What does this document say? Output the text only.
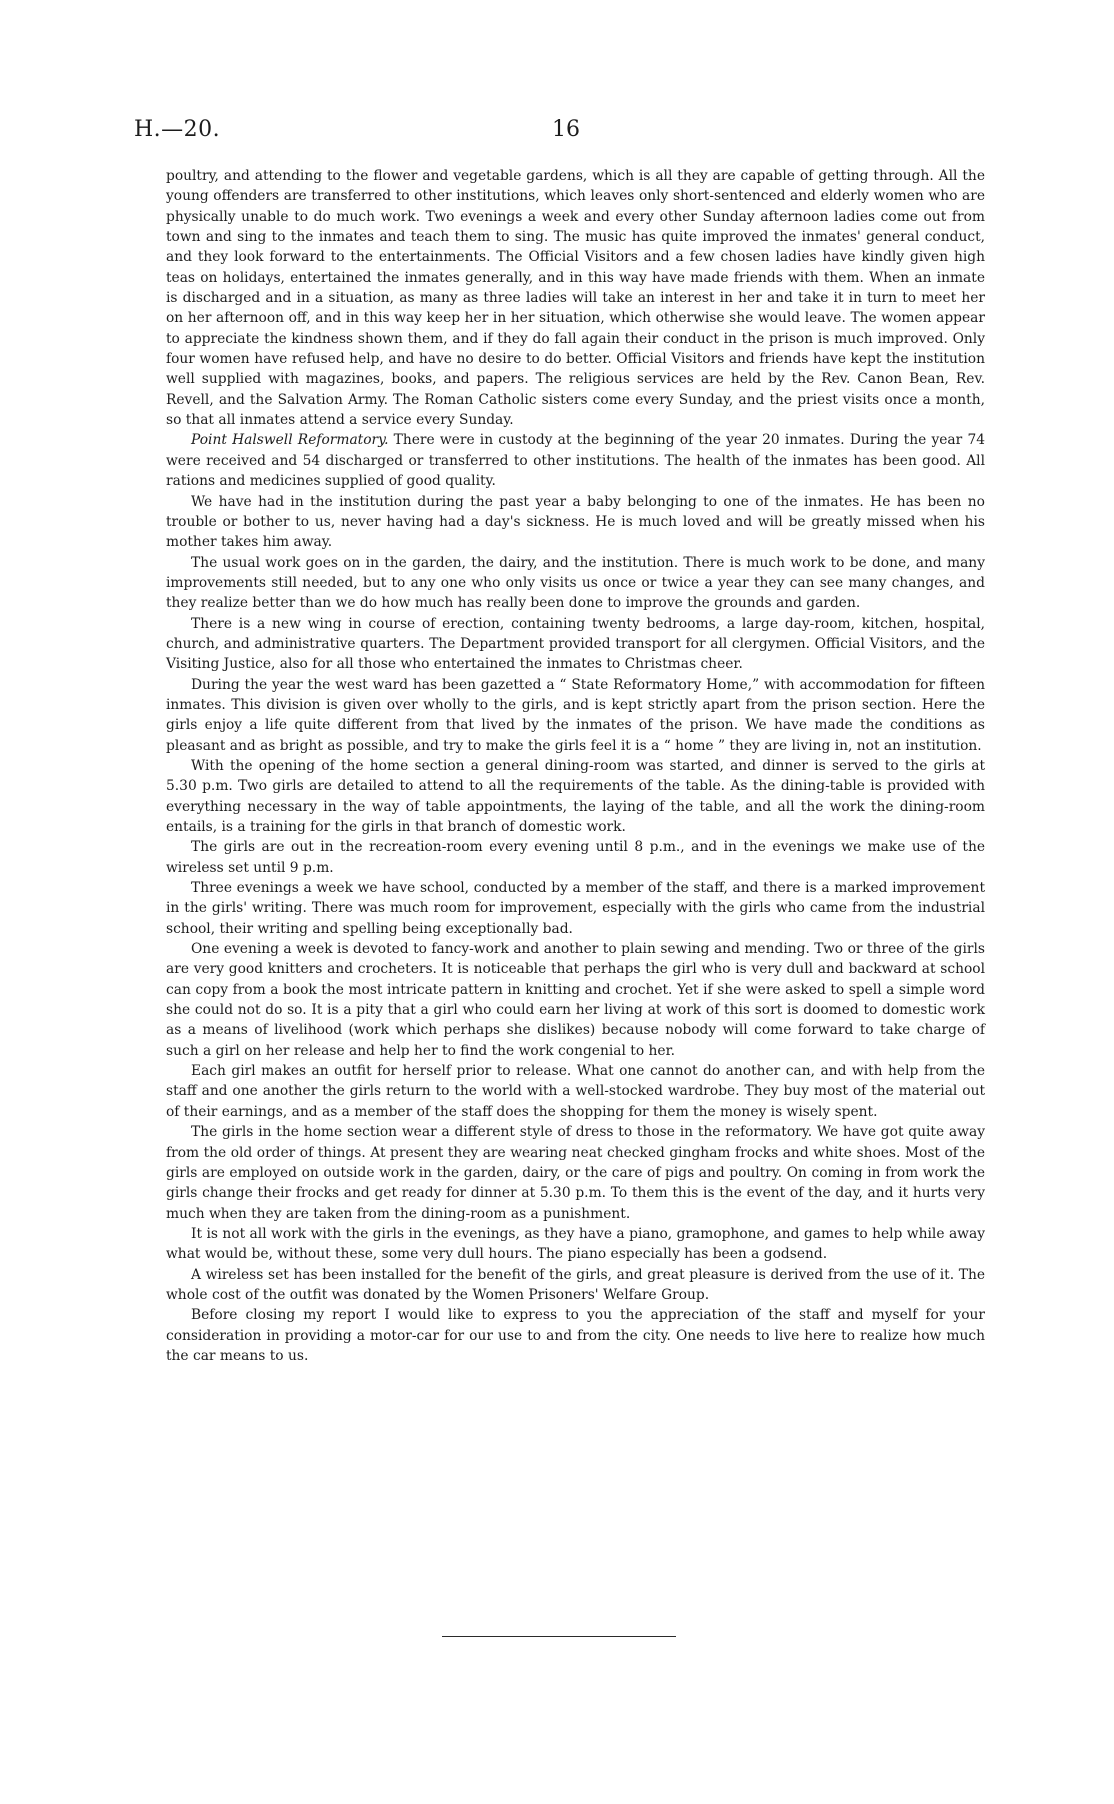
H.—20.	16

poultry, and attending to the flower and vegetable gardens, which is all they are capable of getting through. All the young offenders are transferred to other institutions, which leaves only short-sentenced and elderly women who are physically unable to do much work. Two evenings a week and every other Sunday afternoon ladies come out from town and sing to the inmates and teach them to sing. The music has quite improved the inmates' general conduct, and they look forward to the entertainments. The Official Visitors and a few chosen ladies have kindly given high teas on holidays, entertained the inmates generally, and in this way have made friends with them. When an inmate is discharged and in a situation, as many as three ladies will take an interest in her and take it in turn to meet her on her afternoon off, and in this way keep her in her situation, which otherwise she would leave. The women appear to appreciate the kindness shown them, and if they do fall again their conduct in the prison is much improved. Only four women have refused help, and have no desire to do better. Official Visitors and friends have kept the institution well supplied with magazines, books, and papers. The religious services are held by the Rev. Canon Bean, Rev. Revell, and the Salvation Army. The Roman Catholic sisters come every Sunday, and the priest visits once a month, so that all inmates attend a service every Sunday.

Point Halswell Reformatory. There were in custody at the beginning of the year 20 inmates. During the year 74 were received and 54 discharged or transferred to other institutions. The health of the inmates has been good. All rations and medicines supplied of good quality.

We have had in the institution during the past year a baby belonging to one of the inmates. He has been no trouble or bother to us, never having had a day's sickness. He is much loved and will be greatly missed when his mother takes him away.

The usual work goes on in the garden, the dairy, and the institution. There is much work to be done, and many improvements still needed, but to any one who only visits us once or twice a year they can see many changes, and they realize better than we do how much has really been done to improve the grounds and garden.

There is a new wing in course of erection, containing twenty bedrooms, a large day-room, kitchen, hospital, church, and administrative quarters. The Department provided transport for all clergymen. Official Visitors, and the Visiting Justice, also for all those who entertained the inmates to Christmas cheer.

During the year the west ward has been gazetted a “ State Reformatory Home,” with accommodation for fifteen inmates. This division is given over wholly to the girls, and is kept strictly apart from the prison section. Here the girls enjoy a life quite different from that lived by the inmates of the prison. We have made the conditions as pleasant and as bright as possible, and try to make the girls feel it is a “ home ” they are living in, not an institution.

With the opening of the home section a general dining-room was started, and dinner is served to the girls at 5.30 p.m. Two girls are detailed to attend to all the requirements of the table. As the dining-table is provided with everything necessary in the way of table appointments, the laying of the table, and all the work the dining-room entails, is a training for the girls in that branch of domestic work.

The girls are out in the recreation-room every evening until 8 p.m., and in the evenings we make use of the wireless set until 9 p.m.

Three evenings a week we have school, conducted by a member of the staff, and there is a marked improvement in the girls' writing. There was much room for improvement, especially with the girls who came from the industrial school, their writing and spelling being exceptionally bad.

One evening a week is devoted to fancy-work and another to plain sewing and mending. Two or three of the girls are very good knitters and crocheters. It is noticeable that perhaps the girl who is very dull and backward at school can copy from a book the most intricate pattern in knitting and crochet. Yet if she were asked to spell a simple word she could not do so. It is a pity that a girl who could earn her living at work of this sort is doomed to domestic work as a means of livelihood (work which perhaps she dislikes) because nobody will come forward to take charge of such a girl on her release and help her to find the work congenial to her.

Each girl makes an outfit for herself prior to release. What one cannot do another can, and with help from the staff and one another the girls return to the world with a well-stocked wardrobe. They buy most of the material out of their earnings, and as a member of the staff does the shopping for them the money is wisely spent.

The girls in the home section wear a different style of dress to those in the reformatory. We have got quite away from the old order of things. At present they are wearing neat checked gingham frocks and white shoes. Most of the girls are employed on outside work in the garden, dairy, or the care of pigs and poultry. On coming in from work the girls change their frocks and get ready for dinner at 5.30 p.m. To them this is the event of the day, and it hurts very much when they are taken from the dining-room as a punishment.

It is not all work with the girls in the evenings, as they have a piano, gramophone, and games to help while away what would be, without these, some very dull hours. The piano especially has been a godsend.

A wireless set has been installed for the benefit of the girls, and great pleasure is derived from the use of it. The whole cost of the outfit was donated by the Women Prisoners' Welfare Group.

Before closing my report I would like to express to you the appreciation of the staff and myself for your consideration in providing a motor-car for our use to and from the city. One needs to live here to realize how much the car means to us.
